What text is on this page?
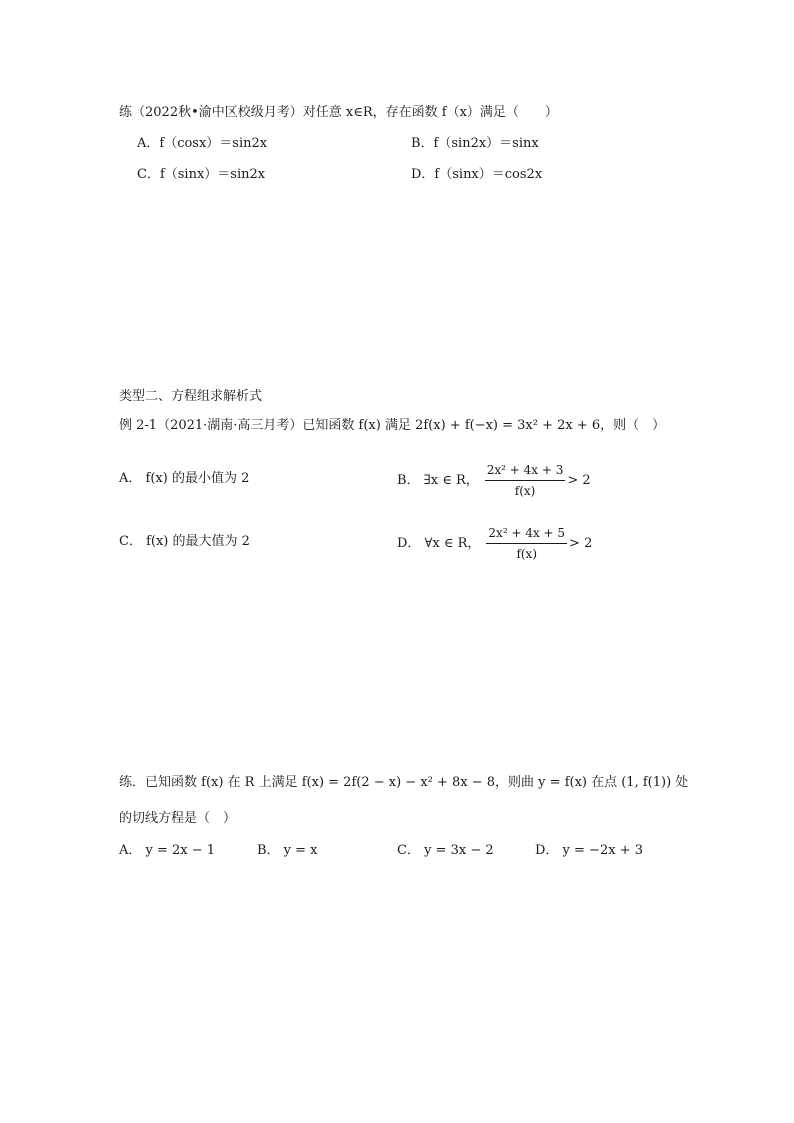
练（2022秋•渝中区校级月考）对任意 x∈R，存在函数 f（x）满足（　　）
A．f（cosx）＝sin2x	B．f（sin2x）＝sinx
C．f（sinx）＝sin2x	D．f（sinx）＝cos2x
类型二、方程组求解析式
例 2-1（2021·湖南·高三月考）已知函数 f(x) 满足 2f(x) + f(−x) = 3x² + 2x + 6，则（　）
A． f(x) 的最小值为 2	B． ∃x ∈ R， $\frac{\text{2x² + 4x + 3}}{f(x)} > 2$
C． f(x) 的最大值为 2	D． ∀x ∈ R， $\frac{\text{2x² + 4x + 5}}{f(x)} > 2$
练．已知函数 f(x) 在 R 上满足 f(x) = 2f(2 − x) − x² + 8x − 8，则曲 y = f(x) 在点 (1, f(1)) 处
的切线方程是（　）
A． y = 2x − 1	B． y = x	C． y = 3x − 2	D． y = −2x + 3
